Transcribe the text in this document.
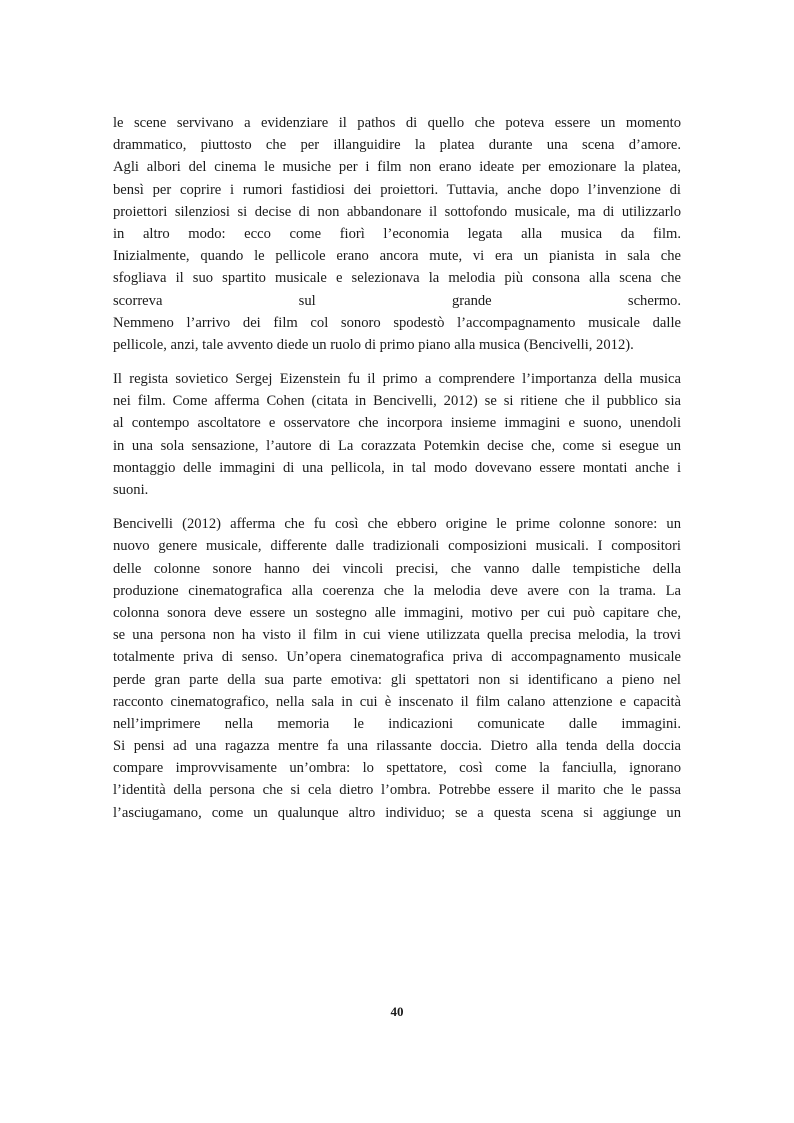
le scene servivano a evidenziare il pathos di quello che poteva essere un momento
drammatico, piuttosto che per illanguidire la platea durante una scena d’amore.
Agli albori del cinema le musiche per i film non erano ideate per emozionare la platea,
bensì per coprire i rumori fastidiosi dei proiettori. Tuttavia, anche dopo l’invenzione di
proiettori silenziosi si decise di non abbandonare il sottofondo musicale, ma di utilizzarlo
in altro modo: ecco come fiorì l’economia legata alla musica da film.
Inizialmente, quando le pellicole erano ancora mute, vi era un pianista in sala che
sfogliava il suo spartito musicale e selezionava la melodia più consona alla scena che
scorreva sul grande schermo.
Nemmeno l’arrivo dei film col sonoro spodestò l’accompagnamento musicale dalle
pellicole, anzi, tale avvento diede un ruolo di primo piano alla musica (Bencivelli, 2012).
Il regista sovietico Sergej Eizenstein fu il primo a comprendere l’importanza della musica
nei film. Come afferma Cohen (citata in Bencivelli, 2012) se si ritiene che il pubblico sia
al contempo ascoltatore e osservatore che incorpora insieme immagini e suono, unendoli
in una sola sensazione, l’autore di La corazzata Potemkin decise che, come si esegue un
montaggio delle immagini di una pellicola, in tal modo dovevano essere montati anche i
suoni.
Bencivelli (2012) afferma che fu così che ebbero origine le prime colonne sonore: un
nuovo genere musicale, differente dalle tradizionali composizioni musicali. I compositori
delle colonne sonore hanno dei vincoli precisi, che vanno dalle tempistiche della
produzione cinematografica alla coerenza che la melodia deve avere con la trama. La
colonna sonora deve essere un sostegno alle immagini, motivo per cui può capitare che,
se una persona non ha visto il film in cui viene utilizzata quella precisa melodia, la trovi
totalmente priva di senso. Un’opera cinematografica priva di accompagnamento musicale
perde gran parte della sua parte emotiva: gli spettatori non si identificano a pieno nel
racconto cinematografico, nella sala in cui è inscenato il film calano attenzione e capacità
nell’imprimere nella memoria le indicazioni comunicate dalle immagini.
Si pensi ad una ragazza mentre fa una rilassante doccia. Dietro alla tenda della doccia
compare improvvisamente un’ombra: lo spettatore, così come la fanciulla, ignorano
l’identità della persona che si cela dietro l’ombra. Potrebbe essere il marito che le passa
l’asciugamano, come un qualunque altro individuo; se a questa scena si aggiunge un
40
